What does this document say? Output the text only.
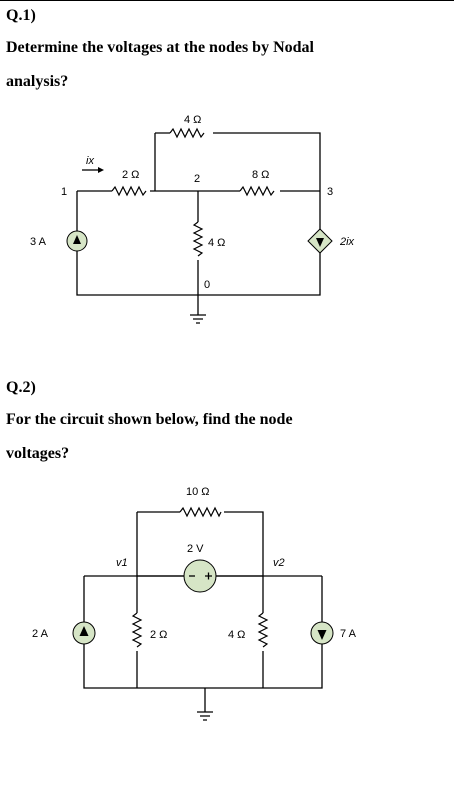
Q.1)

Determine the voltages at the nodes by Nodal

analysis?

4 Ω
2 Ω	8 Ω
4 Ω
1
2
3
0
ix
3 A	2ix

Q.2)

For the circuit shown below, find the node

voltages?

10 Ω
2 V
v1	v2
2 A	2 Ω	4 Ω	7 A
